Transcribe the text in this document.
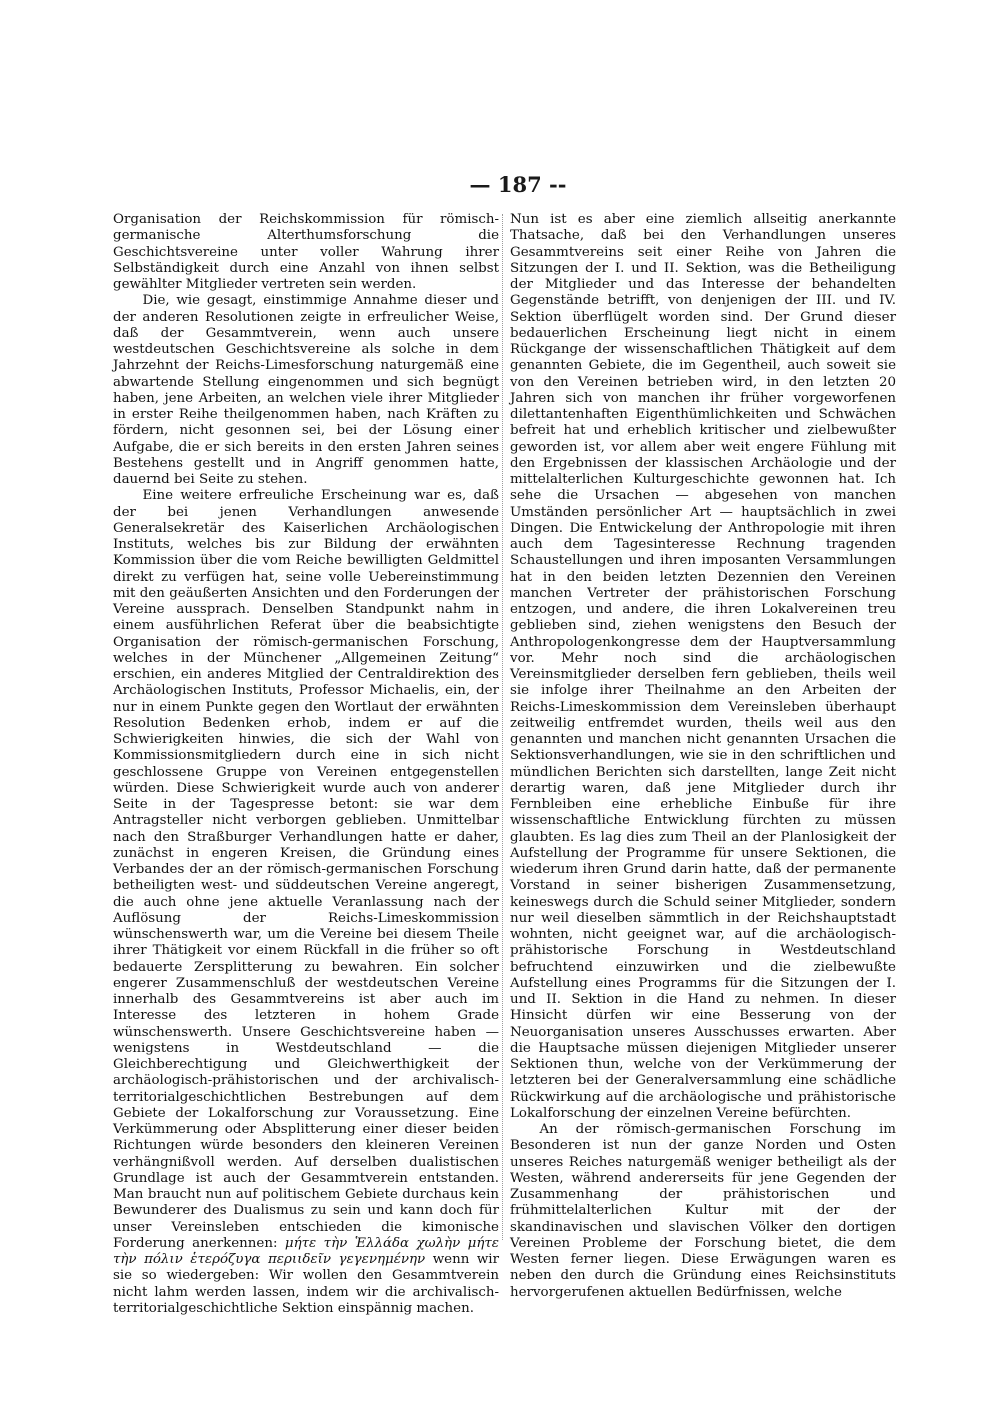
— 187 --

Organisation der Reichskommission für römisch-germanische Alterthumsforschung die Geschichtsvereine unter voller Wahrung ihrer Selbständigkeit durch eine Anzahl von ihnen selbst gewählter Mitglieder vertreten sein werden.

Die, wie gesagt, einstimmige Annahme dieser und der anderen Resolutionen zeigte in erfreulicher Weise, daß der Gesammtverein, wenn auch unsere westdeutschen Geschichtsvereine als solche in dem Jahrzehnt der Reichs-Limesforschung naturgemäß eine abwartende Stellung eingenommen und sich begnügt haben, jene Arbeiten, an welchen viele ihrer Mitglieder in erster Reihe theilgenommen haben, nach Kräften zu fördern, nicht gesonnen sei, bei der Lösung einer Aufgabe, die er sich bereits in den ersten Jahren seines Bestehens gestellt und in Angriff genommen hatte, dauernd bei Seite zu stehen.

Eine weitere erfreuliche Erscheinung war es, daß der bei jenen Verhandlungen anwesende Generalsekretär des Kaiserlichen Archäologischen Instituts, welches bis zur Bildung der erwähnten Kommission über die vom Reiche bewilligten Geldmittel direkt zu verfügen hat, seine volle Uebereinstimmung mit den geäußerten Ansichten und den Forderungen der Vereine aussprach. Denselben Standpunkt nahm in einem ausführlichen Referat über die beabsichtigte Organisation der römisch-germanischen Forschung, welches in der Münchener „Allgemeinen Zeitung“ erschien, ein anderes Mitglied der Centraldirektion des Archäologischen Instituts, Professor Michaelis, ein, der nur in einem Punkte gegen den Wortlaut der erwähnten Resolution Bedenken erhob, indem er auf die Schwierigkeiten hinwies, die sich der Wahl von Kommissionsmitgliedern durch eine in sich nicht geschlossene Gruppe von Vereinen entgegenstellen würden. Diese Schwierigkeit wurde auch von anderer Seite in der Tagespresse betont: sie war dem Antragsteller nicht verborgen geblieben. Unmittelbar nach den Straßburger Verhandlungen hatte er daher, zunächst in engeren Kreisen, die Gründung eines Verbandes der an der römisch-germanischen Forschung betheiligten west- und süddeutschen Vereine angeregt, die auch ohne jene aktuelle Veranlassung nach der Auflösung der Reichs-Limeskommission wünschenswerth war, um die Vereine bei diesem Theile ihrer Thätigkeit vor einem Rückfall in die früher so oft bedauerte Zersplitterung zu bewahren. Ein solcher engerer Zusammenschluß der westdeutschen Vereine innerhalb des Gesammtvereins ist aber auch im Interesse des letzteren in hohem Grade wünschenswerth. Unsere Geschichtsvereine haben — wenigstens in Westdeutschland — die Gleichberechtigung und Gleichwerthigkeit der archäologisch-prähistorischen und der archivalisch-territorialgeschichtlichen Bestrebungen auf dem Gebiete der Lokalforschung zur Voraussetzung. Eine Verkümmerung oder Absplitterung einer dieser beiden Richtungen würde besonders den kleineren Vereinen verhängnißvoll werden. Auf derselben dualistischen Grundlage ist auch der Gesammtverein entstanden. Man braucht nun auf politischem Gebiete durchaus kein Bewunderer des Dualismus zu sein und kann doch für unser Vereinsleben entschieden die kimonische Forderung anerkennen: μήτε τὴν Ἑλλάδα χωλὴν μήτε τὴν πόλιν ἑτερόζυγα περιιδεῖν γεγενημένην wenn wir sie so wiedergeben: Wir wollen den Gesammtverein nicht lahm werden lassen, indem wir die archivalisch-territorialgeschichtliche Sektion einspännig machen.

Nun ist es aber eine ziemlich allseitig anerkannte Thatsache, daß bei den Verhandlungen unseres Gesammtvereins seit einer Reihe von Jahren die Sitzungen der I. und II. Sektion, was die Betheiligung der Mitglieder und das Interesse der behandelten Gegenstände betrifft, von denjenigen der III. und IV. Sektion überflügelt worden sind. Der Grund dieser bedauerlichen Erscheinung liegt nicht in einem Rückgange der wissenschaftlichen Thätigkeit auf dem genannten Gebiete, die im Gegentheil, auch soweit sie von den Vereinen betrieben wird, in den letzten 20 Jahren sich von manchen ihr früher vorgeworfenen dilettantenhaften Eigenthümlichkeiten und Schwächen befreit hat und erheblich kritischer und zielbewußter geworden ist, vor allem aber weit engere Fühlung mit den Ergebnissen der klassischen Archäologie und der mittelalterlichen Kulturgeschichte gewonnen hat. Ich sehe die Ursachen — abgesehen von manchen Umständen persönlicher Art — hauptsächlich in zwei Dingen. Die Entwickelung der Anthropologie mit ihren auch dem Tagesinteresse Rechnung tragenden Schaustellungen und ihren imposanten Versammlungen hat in den beiden letzten Dezennien den Vereinen manchen Vertreter der prähistorischen Forschung entzogen, und andere, die ihren Lokalvereinen treu geblieben sind, ziehen wenigstens den Besuch der Anthropologenkongresse dem der Hauptversammlung vor. Mehr noch sind die archäologischen Vereinsmitglieder derselben fern geblieben, theils weil sie infolge ihrer Theilnahme an den Arbeiten der Reichs-Limeskommission dem Vereinsleben überhaupt zeitweilig entfremdet wurden, theils weil aus den genannten und manchen nicht genannten Ursachen die Sektionsverhandlungen, wie sie in den schriftlichen und mündlichen Berichten sich darstellten, lange Zeit nicht derartig waren, daß jene Mitglieder durch ihr Fernbleiben eine erhebliche Einbuße für ihre wissenschaftliche Entwicklung fürchten zu müssen glaubten. Es lag dies zum Theil an der Planlosigkeit der Aufstellung der Programme für unsere Sektionen, die wiederum ihren Grund darin hatte, daß der permanente Vorstand in seiner bisherigen Zusammensetzung, keineswegs durch die Schuld seiner Mitglieder, sondern nur weil dieselben sämmtlich in der Reichshauptstadt wohnten, nicht geeignet war, auf die archäologisch-prähistorische Forschung in Westdeutschland befruchtend einzuwirken und die zielbewußte Aufstellung eines Programms für die Sitzungen der I. und II. Sektion in die Hand zu nehmen. In dieser Hinsicht dürfen wir eine Besserung von der Neuorganisation unseres Ausschusses erwarten. Aber die Hauptsache müssen diejenigen Mitglieder unserer Sektionen thun, welche von der Verkümmerung der letzteren bei der Generalversammlung eine schädliche Rückwirkung auf die archäologische und prähistorische Lokalforschung der einzelnen Vereine befürchten.

An der römisch-germanischen Forschung im Besonderen ist nun der ganze Norden und Osten unseres Reiches naturgemäß weniger betheiligt als der Westen, während andererseits für jene Gegenden der Zusammenhang der prähistorischen und frühmittelalterlichen Kultur mit der der skandinavischen und slavischen Völker den dortigen Vereinen Probleme der Forschung bietet, die dem Westen ferner liegen. Diese Erwägungen waren es neben den durch die Gründung eines Reichsinstituts hervorgerufenen aktuellen Bedürfnissen, welche
